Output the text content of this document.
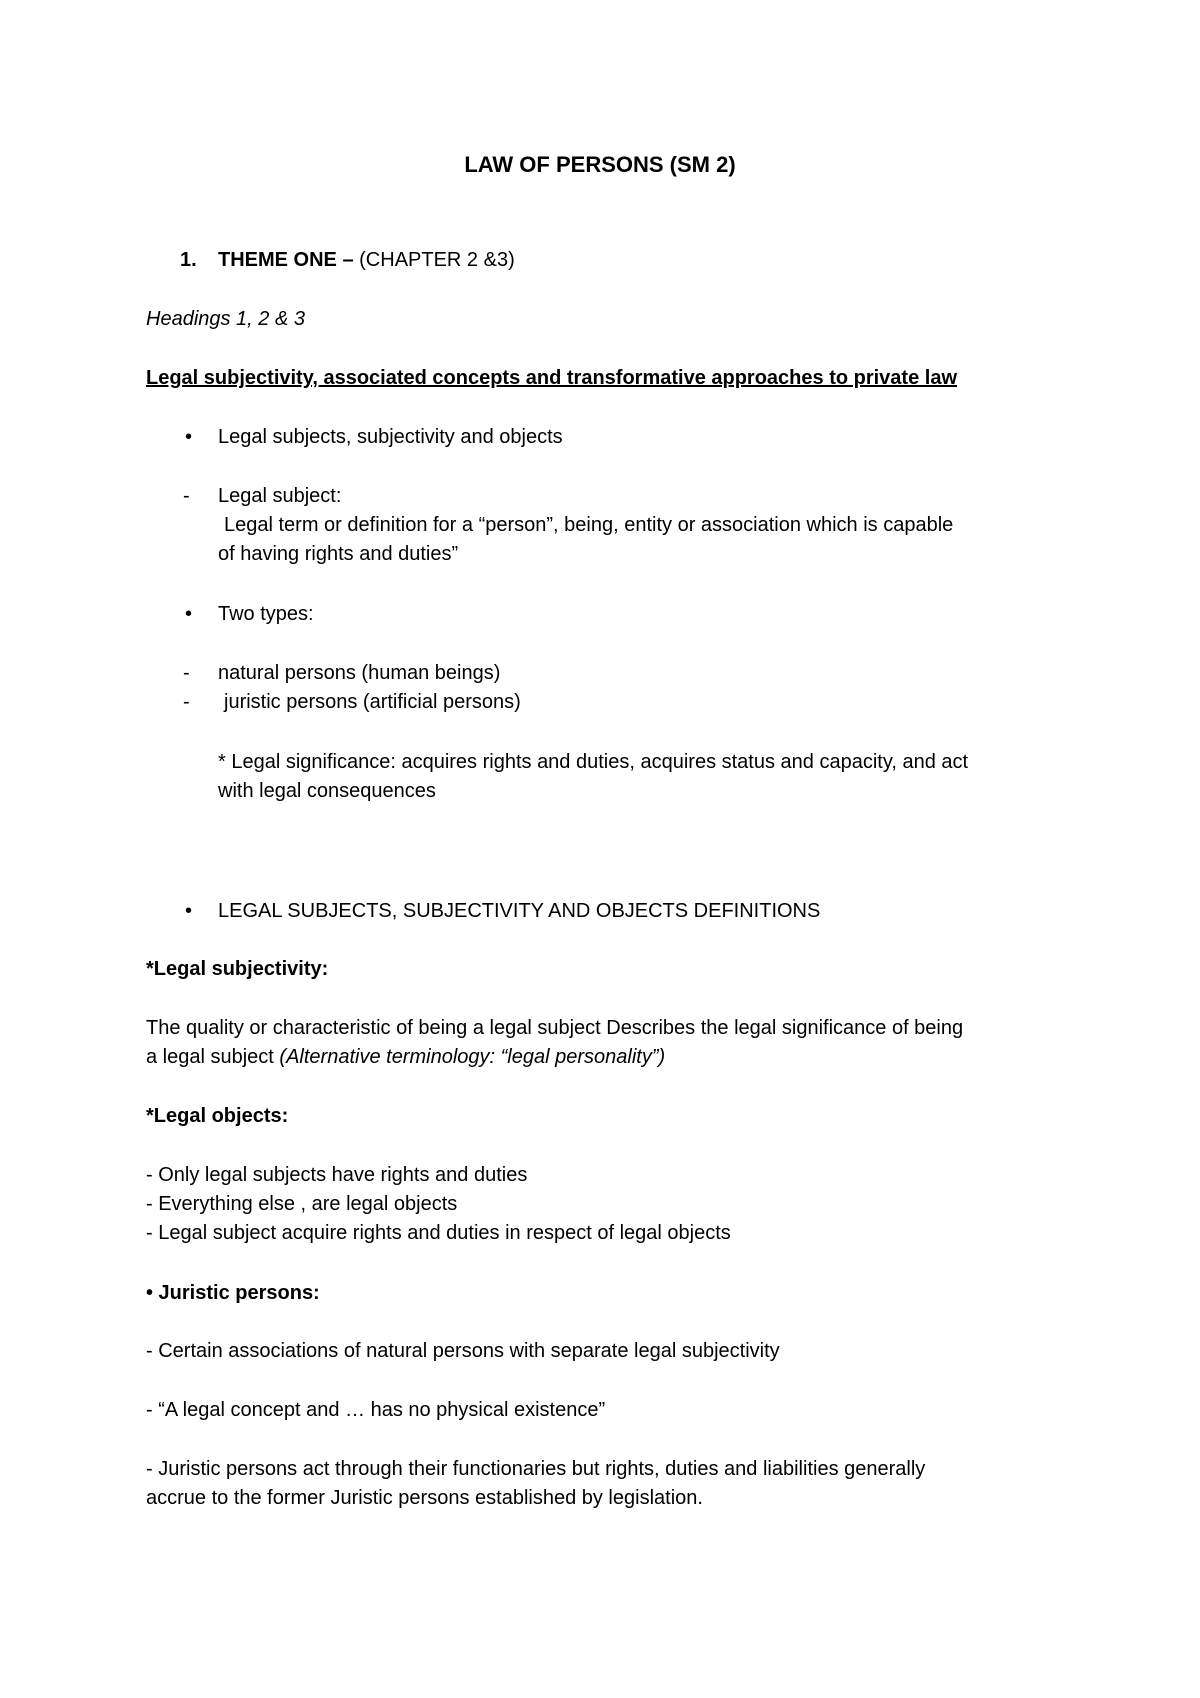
LAW OF PERSONS (SM 2)
1. THEME ONE – (CHAPTER 2 &3)
Headings 1, 2 & 3
Legal subjectivity, associated concepts and transformative approaches to private law
• Legal subjects, subjectivity and objects
- Legal subject:
Legal term or definition for a “person”, being, entity or association which is capable
of having rights and duties”
• Two types:
- natural persons (human beings)
- juristic persons (artificial persons)
* Legal significance: acquires rights and duties, acquires status and capacity, and act
with legal consequences
• LEGAL SUBJECTS, SUBJECTIVITY AND OBJECTS DEFINITIONS
*Legal subjectivity:
The quality or characteristic of being a legal subject Describes the legal significance of being
a legal subject (Alternative terminology: “legal personality”)
*Legal objects:
- Only legal subjects have rights and duties
- Everything else , are legal objects
- Legal subject acquire rights and duties in respect of legal objects
• Juristic persons:
- Certain associations of natural persons with separate legal subjectivity
- “A legal concept and … has no physical existence”
- Juristic persons act through their functionaries but rights, duties and liabilities generally
accrue to the former Juristic persons established by legislation.
